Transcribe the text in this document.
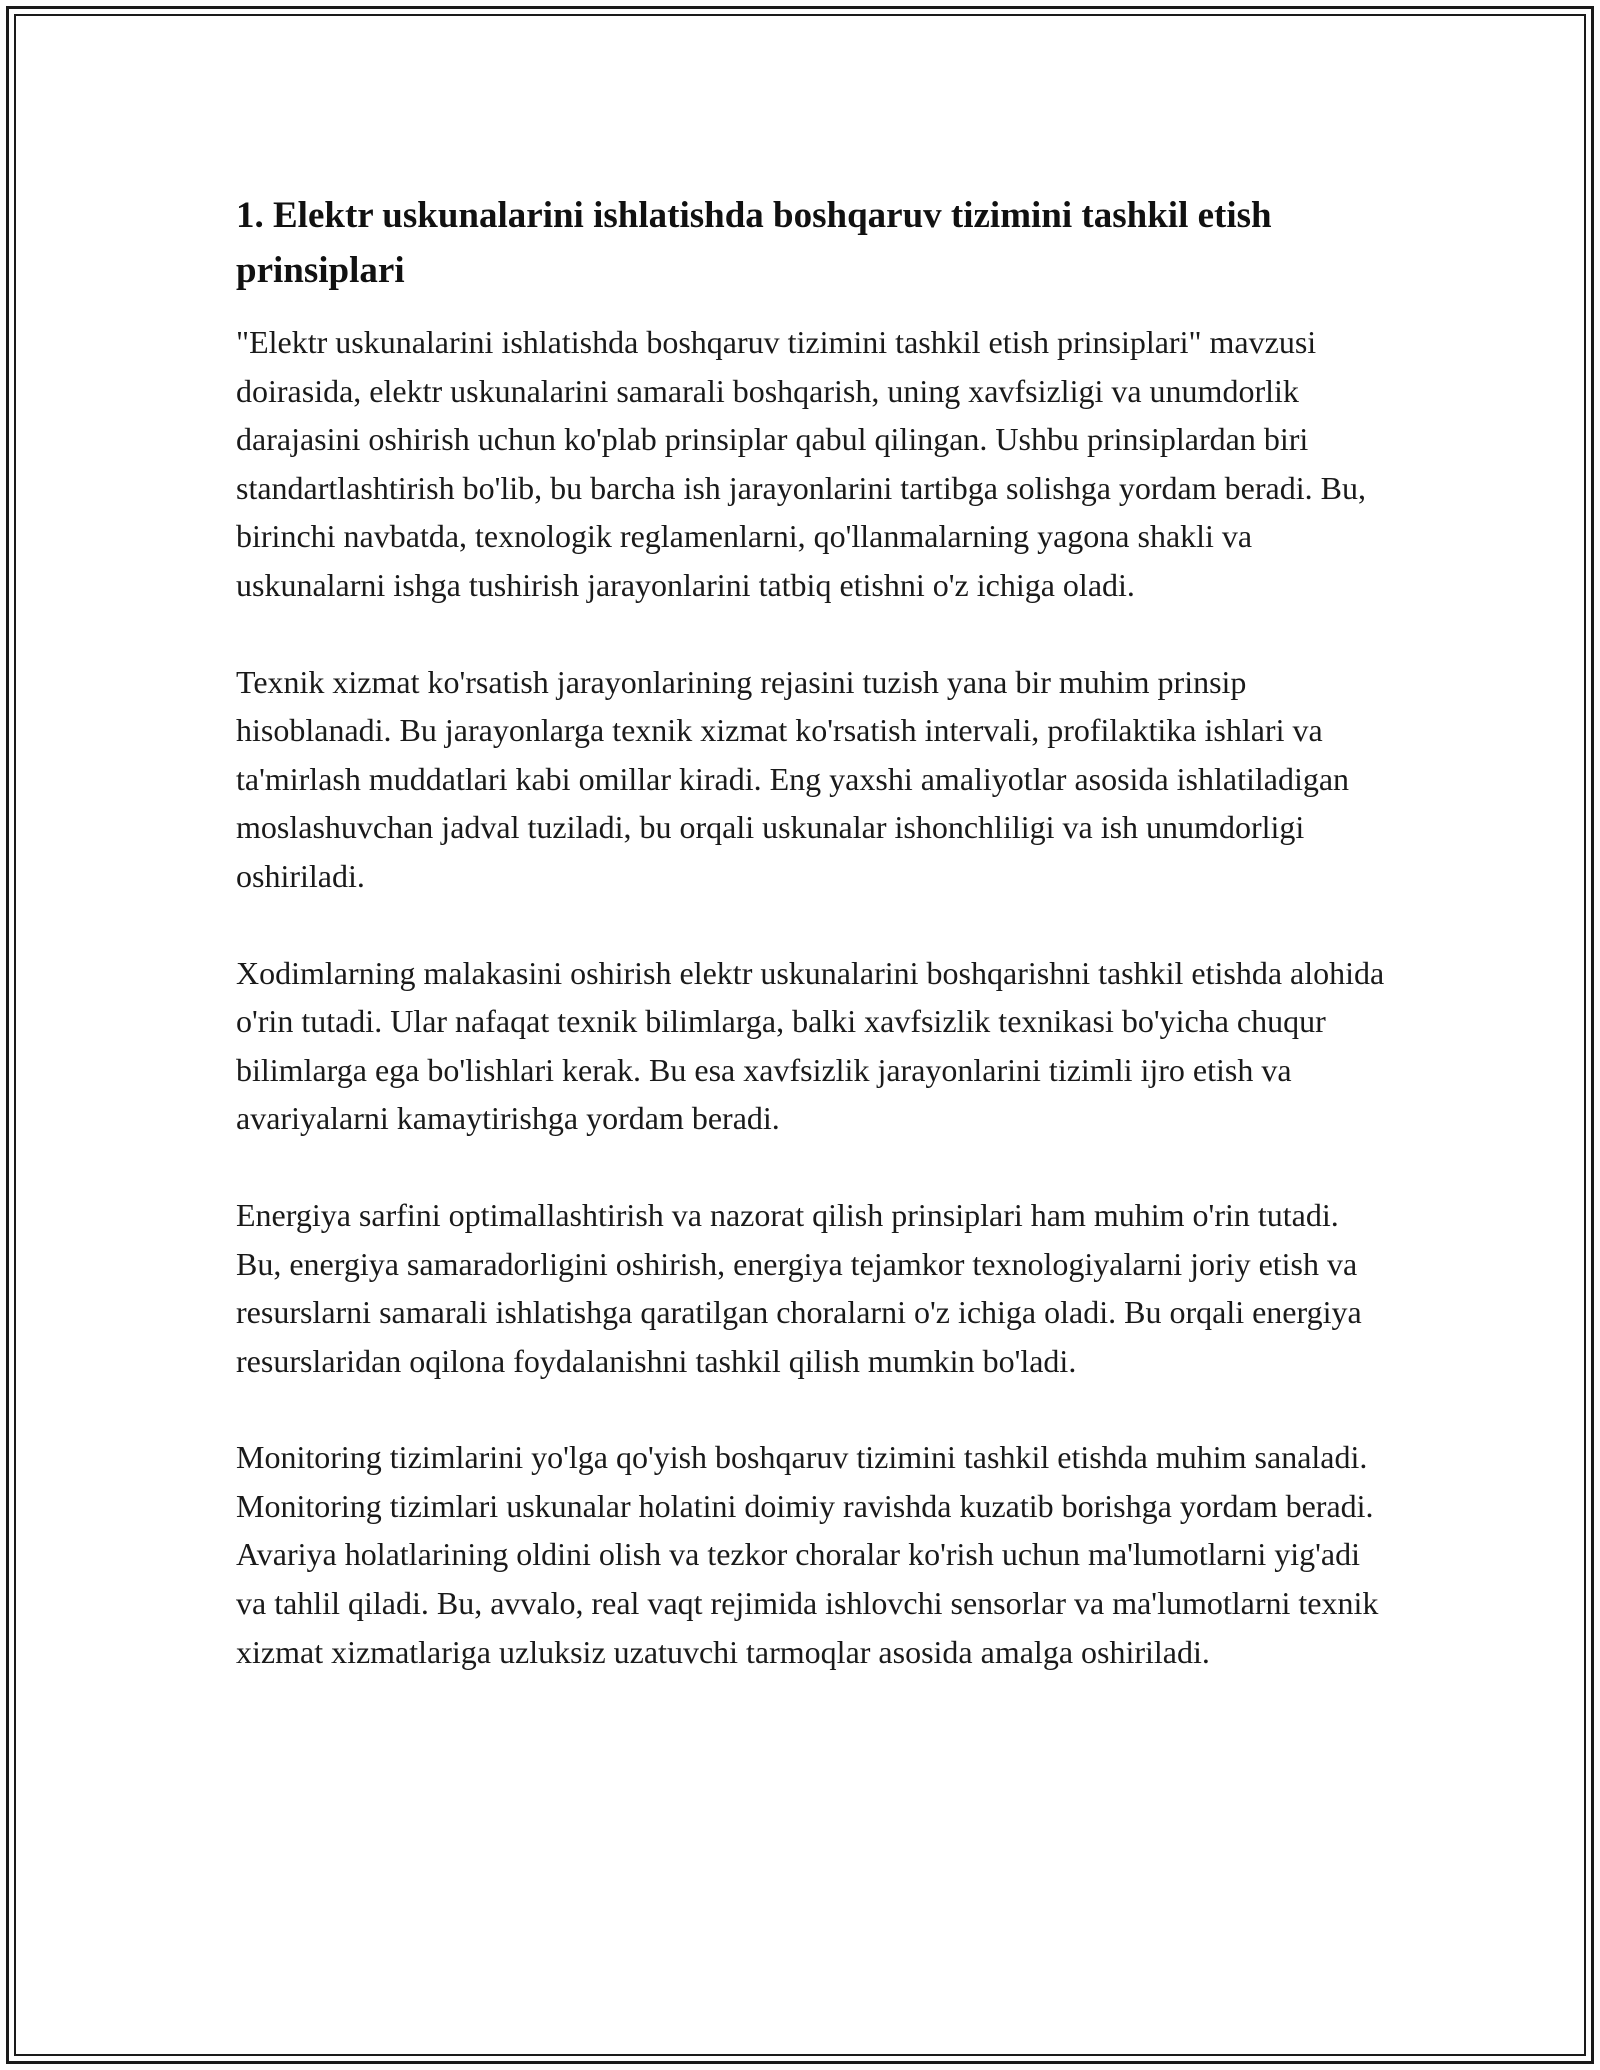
1. Elektr uskunalarini ishlatishda boshqaruv tizimini tashkil etish prinsiplari

"Elektr uskunalarini ishlatishda boshqaruv tizimini tashkil etish prinsiplari" mavzusi doirasida, elektr uskunalarini samarali boshqarish, uning xavfsizligi va unumdorlik darajasini oshirish uchun ko'plab prinsiplar qabul qilingan. Ushbu prinsiplardan biri standartlashtirish bo'lib, bu barcha ish jarayonlarini tartibga solishga yordam beradi. Bu, birinchi navbatda, texnologik reglamenlarni, qo'llanmalarning yagona shakli va uskunalarni ishga tushirish jarayonlarini tatbiq etishni o'z ichiga oladi.

Texnik xizmat ko'rsatish jarayonlarining rejasini tuzish yana bir muhim prinsip hisoblanadi. Bu jarayonlarga texnik xizmat ko'rsatish intervali, profilaktika ishlari va ta'mirlash muddatlari kabi omillar kiradi. Eng yaxshi amaliyotlar asosida ishlatiladigan moslashuvchan jadval tuziladi, bu orqali uskunalar ishonchliligi va ish unumdorligi oshiriladi.

Xodimlarning malakasini oshirish elektr uskunalarini boshqarishni tashkil etishda alohida o'rin tutadi. Ular nafaqat texnik bilimlarga, balki xavfsizlik texnikasi bo'yicha chuqur bilimlarga ega bo'lishlari kerak. Bu esa xavfsizlik jarayonlarini tizimli ijro etish va avariyalarni kamaytirishga yordam beradi.

Energiya sarfini optimallashtirish va nazorat qilish prinsiplari ham muhim o'rin tutadi. Bu, energiya samaradorligini oshirish, energiya tejamkor texnologiyalarni joriy etish va resurslarni samarali ishlatishga qaratilgan choralarni o'z ichiga oladi. Bu orqali energiya resurslaridan oqilona foydalanishni tashkil qilish mumkin bo'ladi.

Monitoring tizimlarini yo'lga qo'yish boshqaruv tizimini tashkil etishda muhim sanaladi. Monitoring tizimlari uskunalar holatini doimiy ravishda kuzatib borishga yordam beradi. Avariya holatlarining oldini olish va tezkor choralar ko'rish uchun ma'lumotlarni yig'adi va tahlil qiladi. Bu, avvalo, real vaqt rejimida ishlovchi sensorlar va ma'lumotlarni texnik xizmat xizmatlariga uzluksiz uzatuvchi tarmoqlar asosida amalga oshiriladi.
